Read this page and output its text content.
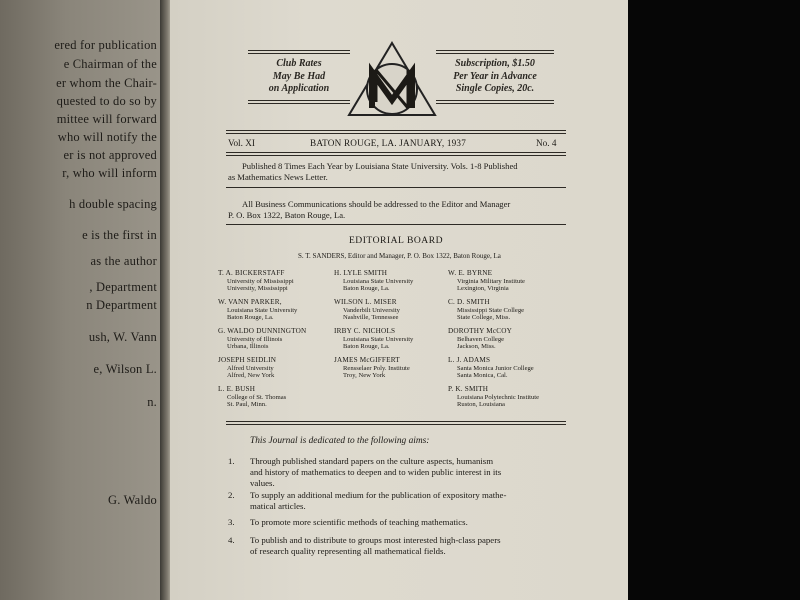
ered for publication
e Chairman of the
er whom the Chair-
quested to do so by
mittee will forward
who will notify the
er is not approved
r, who will inform
h double spacing
e is the first in
as the author
, Department
n Department
ush, W. Vann
e, Wilson L.
n.
G. Waldo
Club Rates
May Be Had
on Application
Subscription, $1.50
Per Year in Advance
Single Copies, 20c.
Vol. XI	BATON ROUGE, LA. JANUARY, 1937	No. 4
Published 8 Times Each Year by Louisiana State University. Vols. 1-8 Published
as Mathematics News Letter.
All Business Communications should be addressed to the Editor and Manager
P. O. Box 1322, Baton Rouge, La.
EDITORIAL BOARD
S. T. SANDERS, Editor and Manager, P. O. Box 1322, Baton Rouge, La
T. A. BICKERSTAFF
University of Mississippi
University, Mississippi
W. VANN PARKER,
Louisiana State University
Baton Rouge, La.
G. WALDO DUNNINGTON
University of Illinois
Urbana, Illinois
JOSEPH SEIDLIN
Alfred University
Alfred, New York
L. E. BUSH
College of St. Thomas
St. Paul, Minn.
H. LYLE SMITH
Louisiana State University
Baton Rouge, La.
WILSON L. MISER
Vanderbilt University
Nashville, Tennessee
IRBY C. NICHOLS
Louisiana State University
Baton Rouge, La.
JAMES McGIFFERT
Rensselaer Poly. Institute
Troy, New York
W. E. BYRNE
Virginia Military Institute
Lexington, Virginia
C. D. SMITH
Mississippi State College
State College, Miss.
DOROTHY McCOY
Belhaven College
Jackson, Miss.
L. J. ADAMS
Santa Monica Junior College
Santa Monica, Cal.
P. K. SMITH
Louisiana Polytechnic Institute
Ruston, Louisiana
This Journal is dedicated to the following aims:
1. Through published standard papers on the culture aspects, humanism
and history of mathematics to deepen and to widen public interest in its
values.
2. To supply an additional medium for the publication of expository mathe-
matical articles.
3. To promote more scientific methods of teaching mathematics.
4. To publish and to distribute to groups most interested high-class papers
of research quality representing all mathematical fields.
